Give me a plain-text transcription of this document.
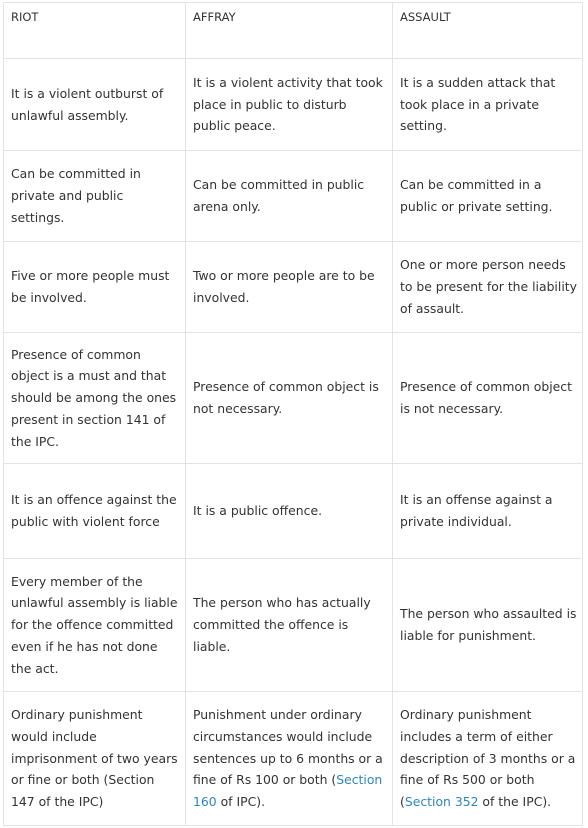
RIOT	AFFRAY	ASSAULT
It is a violent outburst of unlawful assembly.	It is a violent activity that took place in public to disturb public peace.	It is a sudden attack that took place in a private setting.
Can be committed in private and public settings.	Can be committed in public arena only.	Can be committed in a public or private setting.
Five or more people must be involved.	Two or more people are to be involved.	One or more person needs to be present for the liability of assault.
Presence of common object is a must and that should be among the ones present in section 141 of the IPC.	Presence of common object is not necessary.	Presence of common object is not necessary.
It is an offence against the public with violent force	It is a public offence.	It is an offense against a private individual.
Every member of the unlawful assembly is liable for the offence committed even if he has not done the act.	The person who has actually committed the offence is liable.	The person who assaulted is liable for punishment.
Ordinary punishment would include imprisonment of two years or fine or both (Section 147 of the IPC)	Punishment under ordinary circumstances would include sentences up to 6 months or a fine of Rs 100 or both (Section 160 of IPC).	Ordinary punishment includes a term of either description of 3 months or a fine of Rs 500 or both (Section 352 of the IPC).
